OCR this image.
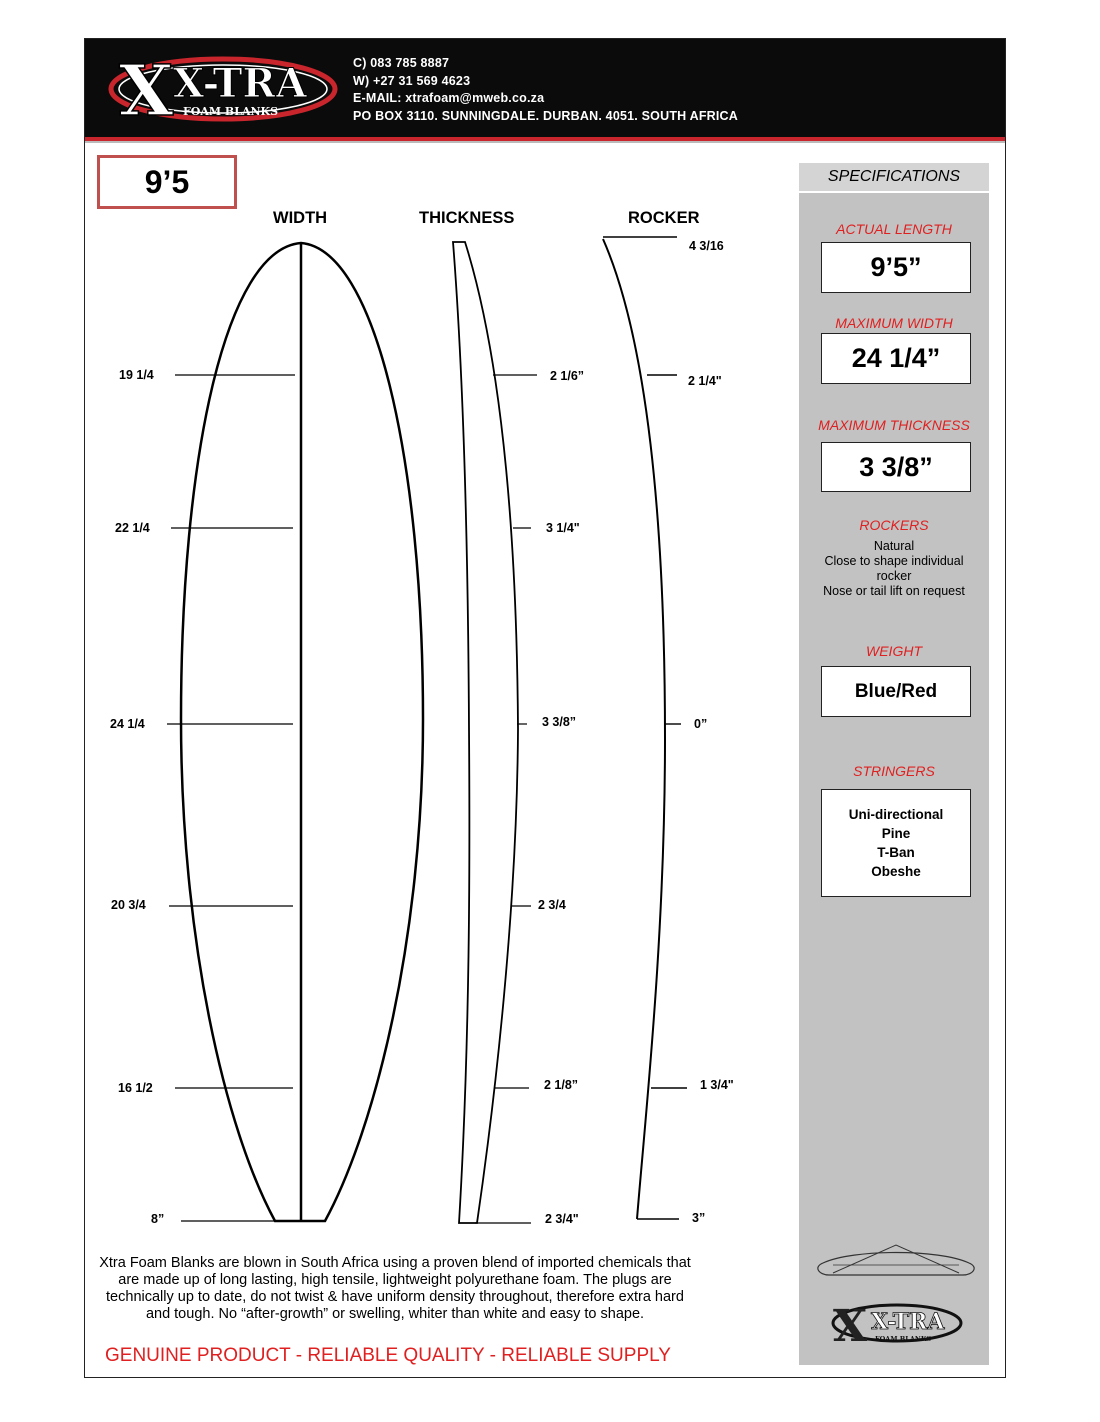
X X-TRA
FOAM BLANKS
C) 083 785 8887
W) +27 31 569 4623
E-MAIL: xtrafoam@mweb.co.za
PO BOX 3110. SUNNINGDALE. DURBAN. 4051. SOUTH AFRICA
9’5
WIDTH	THICKNESS	ROCKER
19 1/4
22 1/4
24 1/4
20 3/4
16 1/2
8”
2 1/6”
3 1/4"
3 3/8”
2 3/4
2 1/8”
2 3/4"
4 3/16
2 1/4"
0”
1 3/4"
3”
Xtra Foam Blanks are blown in South Africa using a proven blend of imported chemicals that are made up of long lasting, high tensile, lightweight polyurethane foam. The plugs are technically up to date, do not twist & have uniform density throughout, therefore extra hard and tough. No “after-growth” or swelling, whiter than white and easy to shape.
GENUINE PRODUCT - RELIABLE QUALITY - RELIABLE SUPPLY
SPECIFICATIONS
ACTUAL LENGTH
9’5”
MAXIMUM WIDTH
24 1/4”
MAXIMUM THICKNESS
3 3/8”
ROCKERS
Natural
Close to shape individual
rocker
Nose or tail lift on request
WEIGHT
Blue/Red
STRINGERS
Uni-directional
Pine
T-Ban
Obeshe
X X-TRA
FOAM BLANKS
